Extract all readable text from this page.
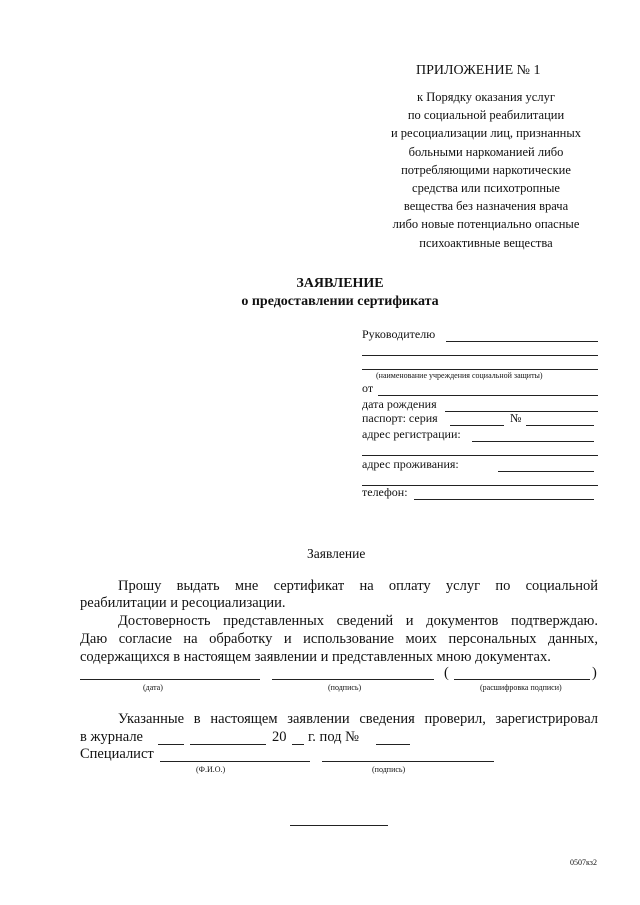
ПРИЛОЖЕНИЕ № 1
к Порядку оказания услуг
по социальной реабилитации
и ресоциализации лиц, признанных
больными наркоманией либо
потребляющими наркотические
средства или психотропные
вещества без назначения врача
либо новые потенциально опасные
психоактивные вещества
ЗАЯВЛЕНИЕ
о предоставлении сертификата
Руководителю
(наименование учреждения социальной защиты)
от
дата рождения
паспорт: серия	№
адрес регистрации:
адрес проживания:
телефон:
Заявление
Прошу выдать мне сертификат на оплату услуг по социальной
реабилитации и ресоциализации.
Достоверность представленных сведений и документов подтверждаю.
Даю согласие на обработку и использование моих персональных данных,
содержащихся в настоящем заявлении и представленных мною документах.
(дата)	(подпись)
(	)
(расшифровка подписи)
Указанные в настоящем заявлении сведения проверил, зарегистрировал
в журнале	20 г. под №
Специалист
(Ф.И.О.)	(подпись)
0507кз2
